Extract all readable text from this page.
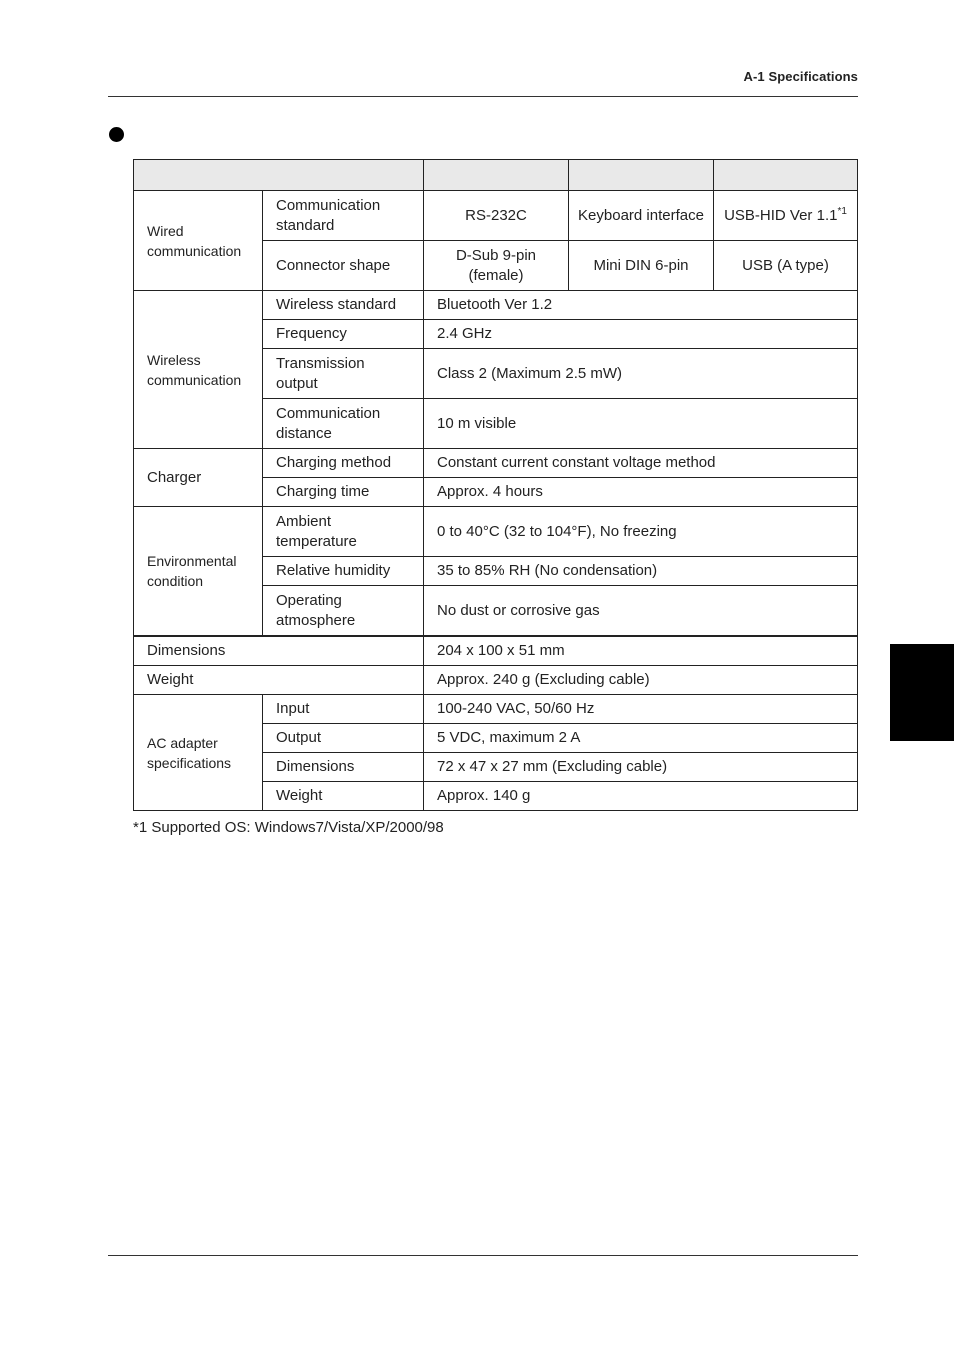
A-1 Specifications

Wired communication	Communication standard	RS-232C	Keyboard interface	USB-HID Ver 1.1$^{*1}$
	Connector shape	D-Sub 9-pin (female)	Mini DIN 6-pin	USB (A type)
Wireless communication	Wireless standard	Bluetooth Ver 1.2		
	Frequency	2.4 GHz		
	Transmission output	Class 2 (Maximum 2.5 mW)		
	Communication distance	10 m visible		
Charger	Charging method	Constant current constant voltage method		
	Charging time	Approx. 4 hours		
Environmental condition	Ambient temperature	0 to 40°C (32 to 104°F), No freezing		
	Relative humidity	35 to 85% RH (No condensation)		
	Operating atmosphere	No dust or corrosive gas		
Dimensions		204 x 100 x 51 mm		
Weight		Approx. 240 g (Excluding cable)		
AC adapter specifications	Input	100-240 VAC, 50/60 Hz		
	Output	5 VDC, maximum 2 A		
	Dimensions	72 x 47 x 27 mm (Excluding cable)		
	Weight	Approx. 140 g		
*1 Supported OS: Windows7/Vista/XP/2000/98
